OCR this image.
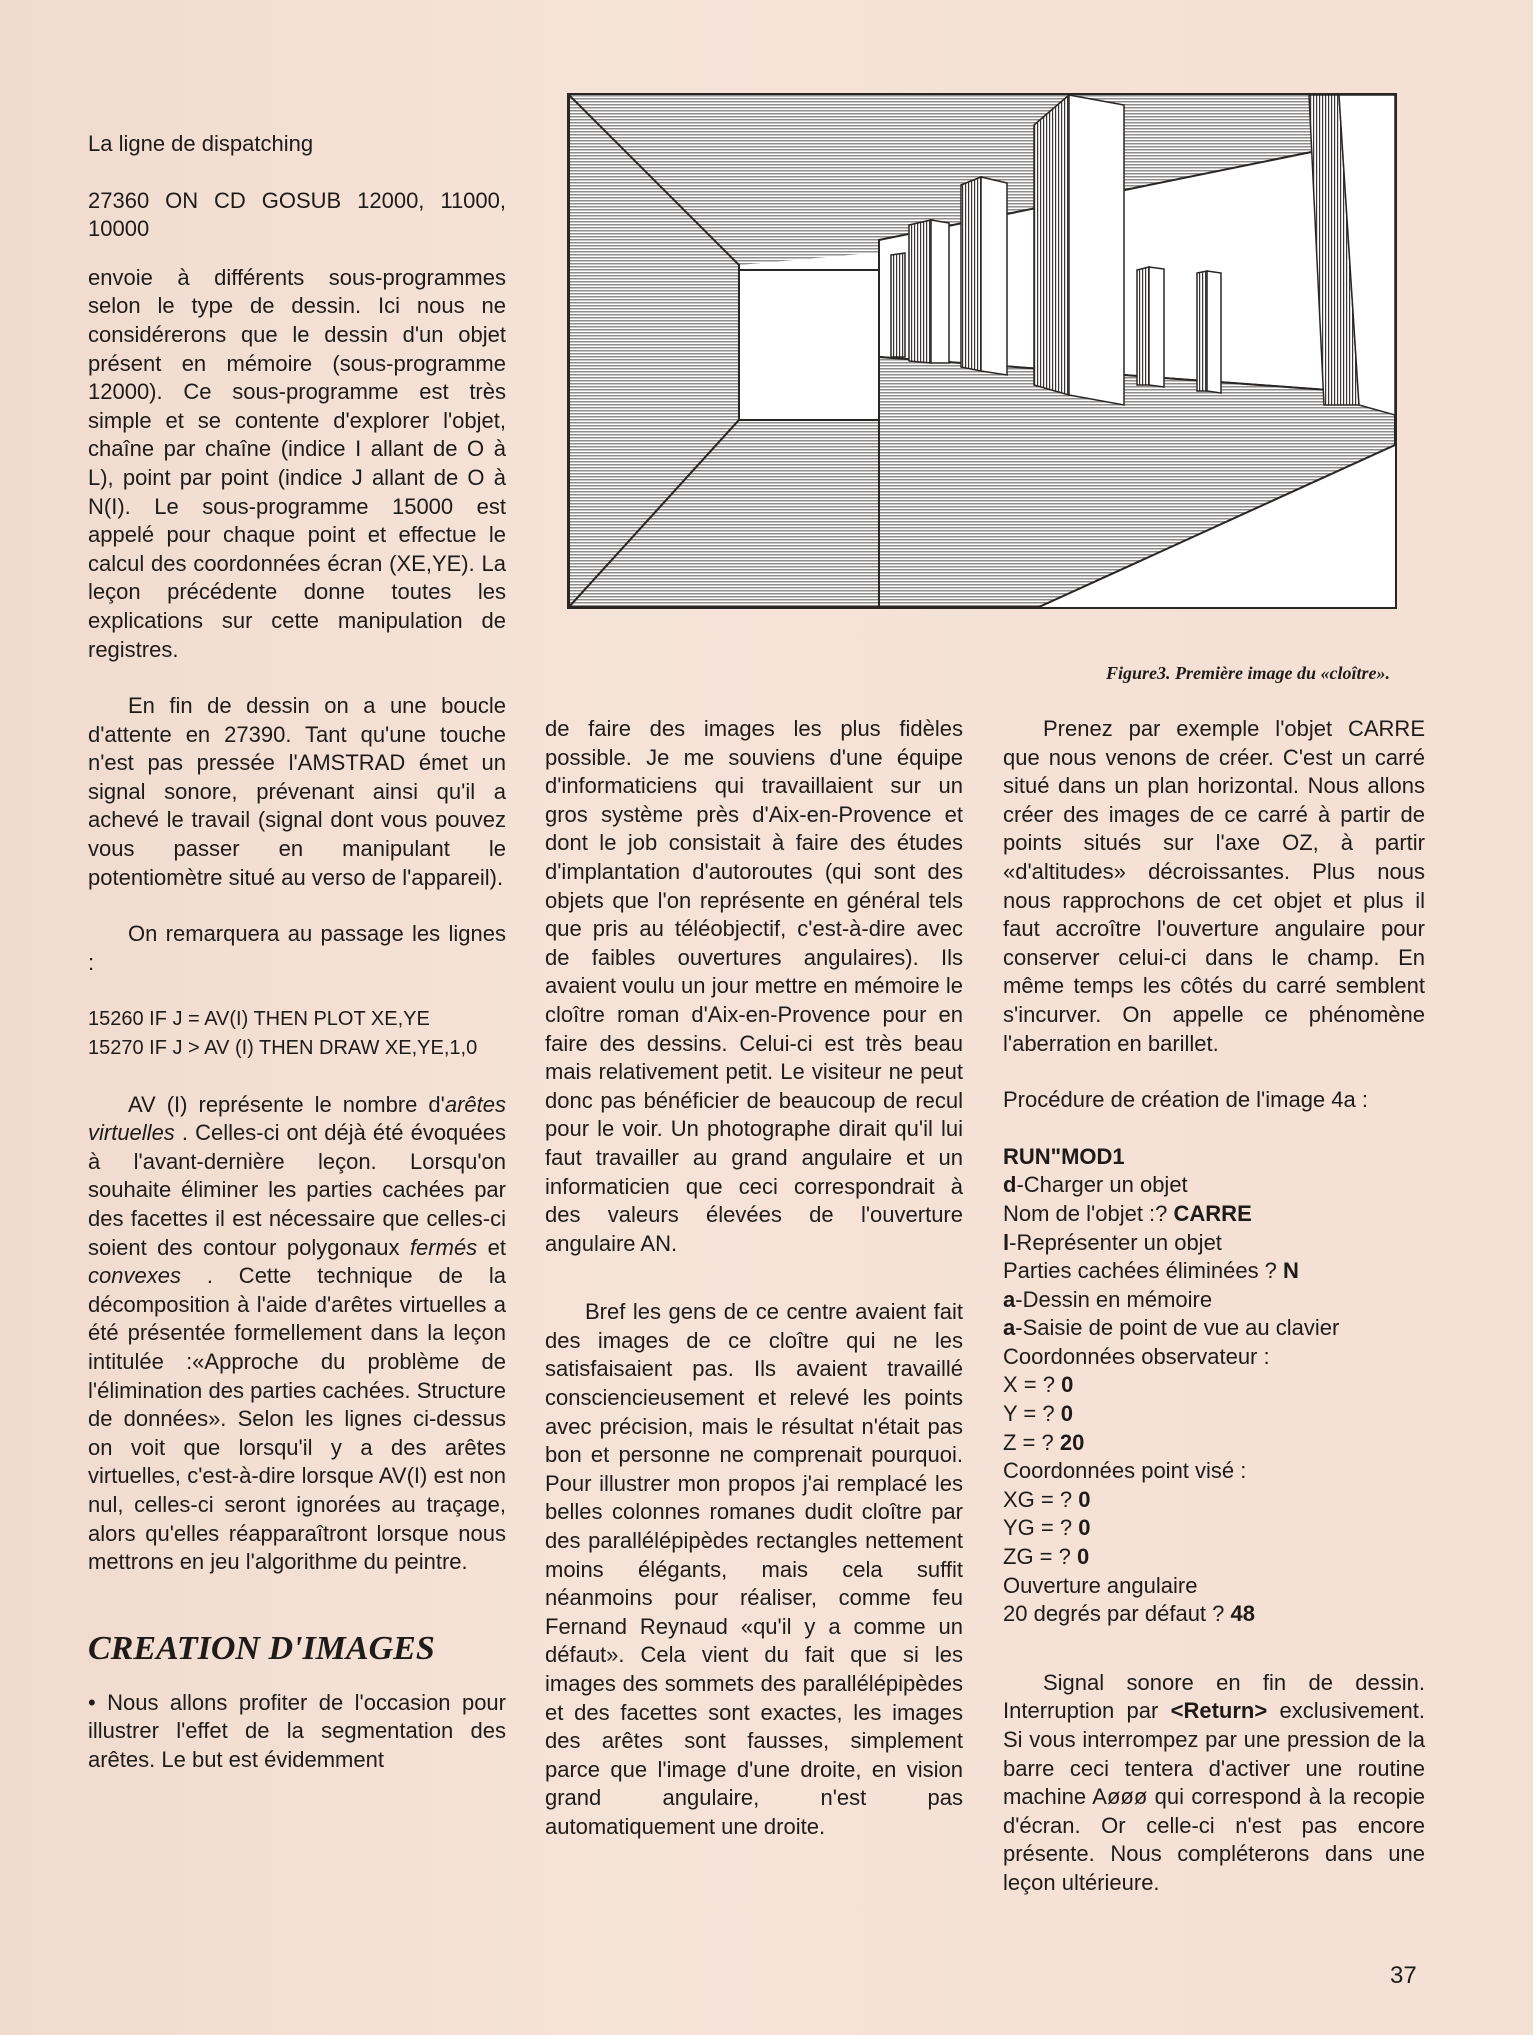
La ligne de dispatching

27360 ON CD GOSUB 12000, 11000, 10000

envoie à différents sous-programmes selon le type de dessin. Ici nous ne considérerons que le dessin d'un objet présent en mémoire (sous-programme 12000). Ce sous-programme est très simple et se contente d'explorer l'objet, chaîne par chaîne (indice I allant de O à L), point par point (indice J allant de O à N(I). Le sous-programme 15000 est appelé pour chaque point et effectue le calcul des coordonnées écran (XE,YE). La leçon précédente donne toutes les explications sur cette manipulation de registres.

En fin de dessin on a une boucle d'attente en 27390. Tant qu'une touche n'est pas pressée l'AMSTRAD émet un signal sonore, prévenant ainsi qu'il a achevé le travail (signal dont vous pouvez vous passer en manipulant le potentiomètre situé au verso de l'appareil).

On remarquera au passage les lignes :

15260 IF J = AV(I) THEN PLOT XE,YE

15270 IF J > AV (I) THEN DRAW XE,YE,1,0

AV (I) représente le nombre d'arêtes virtuelles . Celles-ci ont déjà été évoquées à l'avant-dernière leçon. Lorsqu'on souhaite éliminer les parties cachées par des facettes il est nécessaire que celles-ci soient des contour polygonaux fermés et convexes . Cette technique de la décomposition à l'aide d'arêtes virtuelles a été présentée formellement dans la leçon intitulée :«Approche du problème de l'élimination des parties cachées. Structure de données». Selon les lignes ci-dessus on voit que lorsqu'il y a des arêtes virtuelles, c'est-à-dire lorsque AV(I) est non nul, celles-ci seront ignorées au traçage, alors qu'elles réapparaîtront lorsque nous mettrons en jeu l'algorithme du peintre.

CREATION D'IMAGES

• Nous allons profiter de l'occasion pour illustrer l'effet de la segmentation des arêtes. Le but est évidemment

Figure3. Première image du «cloître».

de faire des images les plus fidèles possible. Je me souviens d'une équipe d'informaticiens qui travaillaient sur un gros système près d'Aix-en-Provence et dont le job consistait à faire des études d'implantation d'autoroutes (qui sont des objets que l'on représente en général tels que pris au téléobjectif, c'est-à-dire avec de faibles ouvertures angulaires). Ils avaient voulu un jour mettre en mémoire le cloître roman d'Aix-en-Provence pour en faire des dessins. Celui-ci est très beau mais relativement petit. Le visiteur ne peut donc pas bénéficier de beaucoup de recul pour le voir. Un photographe dirait qu'il lui faut travailler au grand angulaire et un informaticien que ceci correspondrait à des valeurs élevées de l'ouverture angulaire AN.

Bref les gens de ce centre avaient fait des images de ce cloître qui ne les satisfaisaient pas. Ils avaient travaillé consciencieusement et relevé les points avec précision, mais le résultat n'était pas bon et personne ne comprenait pourquoi. Pour illustrer mon propos j'ai remplacé les belles colonnes romanes dudit cloître par des parallélépipèdes rectangles nettement moins élégants, mais cela suffit néanmoins pour réaliser, comme feu Fernand Reynaud «qu'il y a comme un défaut». Cela vient du fait que si les images des sommets des parallélépipèdes et des facettes sont exactes, les images des arêtes sont fausses, simplement parce que l'image d'une droite, en vision grand angulaire, n'est pas automatiquement une droite.

Prenez par exemple l'objet CARRE que nous venons de créer. C'est un carré situé dans un plan horizontal. Nous allons créer des images de ce carré à partir de points situés sur l'axe OZ, à partir «d'altitudes» décroissantes. Plus nous nous rapprochons de cet objet et plus il faut accroître l'ouverture angulaire pour conserver celui-ci dans le champ. En même temps les côtés du carré semblent s'incurver. On appelle ce phénomène l'aberration en barillet.

Procédure de création de l'image 4a :

RUN"MOD1

d-Charger un objet

Nom de l'objet :? CARRE

l-Représenter un objet

Parties cachées éliminées ? N

a-Dessin en mémoire

a-Saisie de point de vue au clavier

Coordonnées observateur :

X = ? 0

Y = ? 0

Z = ? 20

Coordonnées point visé :

XG = ? 0

YG = ? 0

ZG = ? 0

Ouverture angulaire

20 degrés par défaut ? 48

Signal sonore en fin de dessin. Interruption par <Return> exclusivement. Si vous interrompez par une pression de la barre ceci tentera d'activer une routine machine Aøøø qui correspond à la recopie d'écran. Or celle-ci n'est pas encore présente. Nous compléterons dans une leçon ultérieure.

37
